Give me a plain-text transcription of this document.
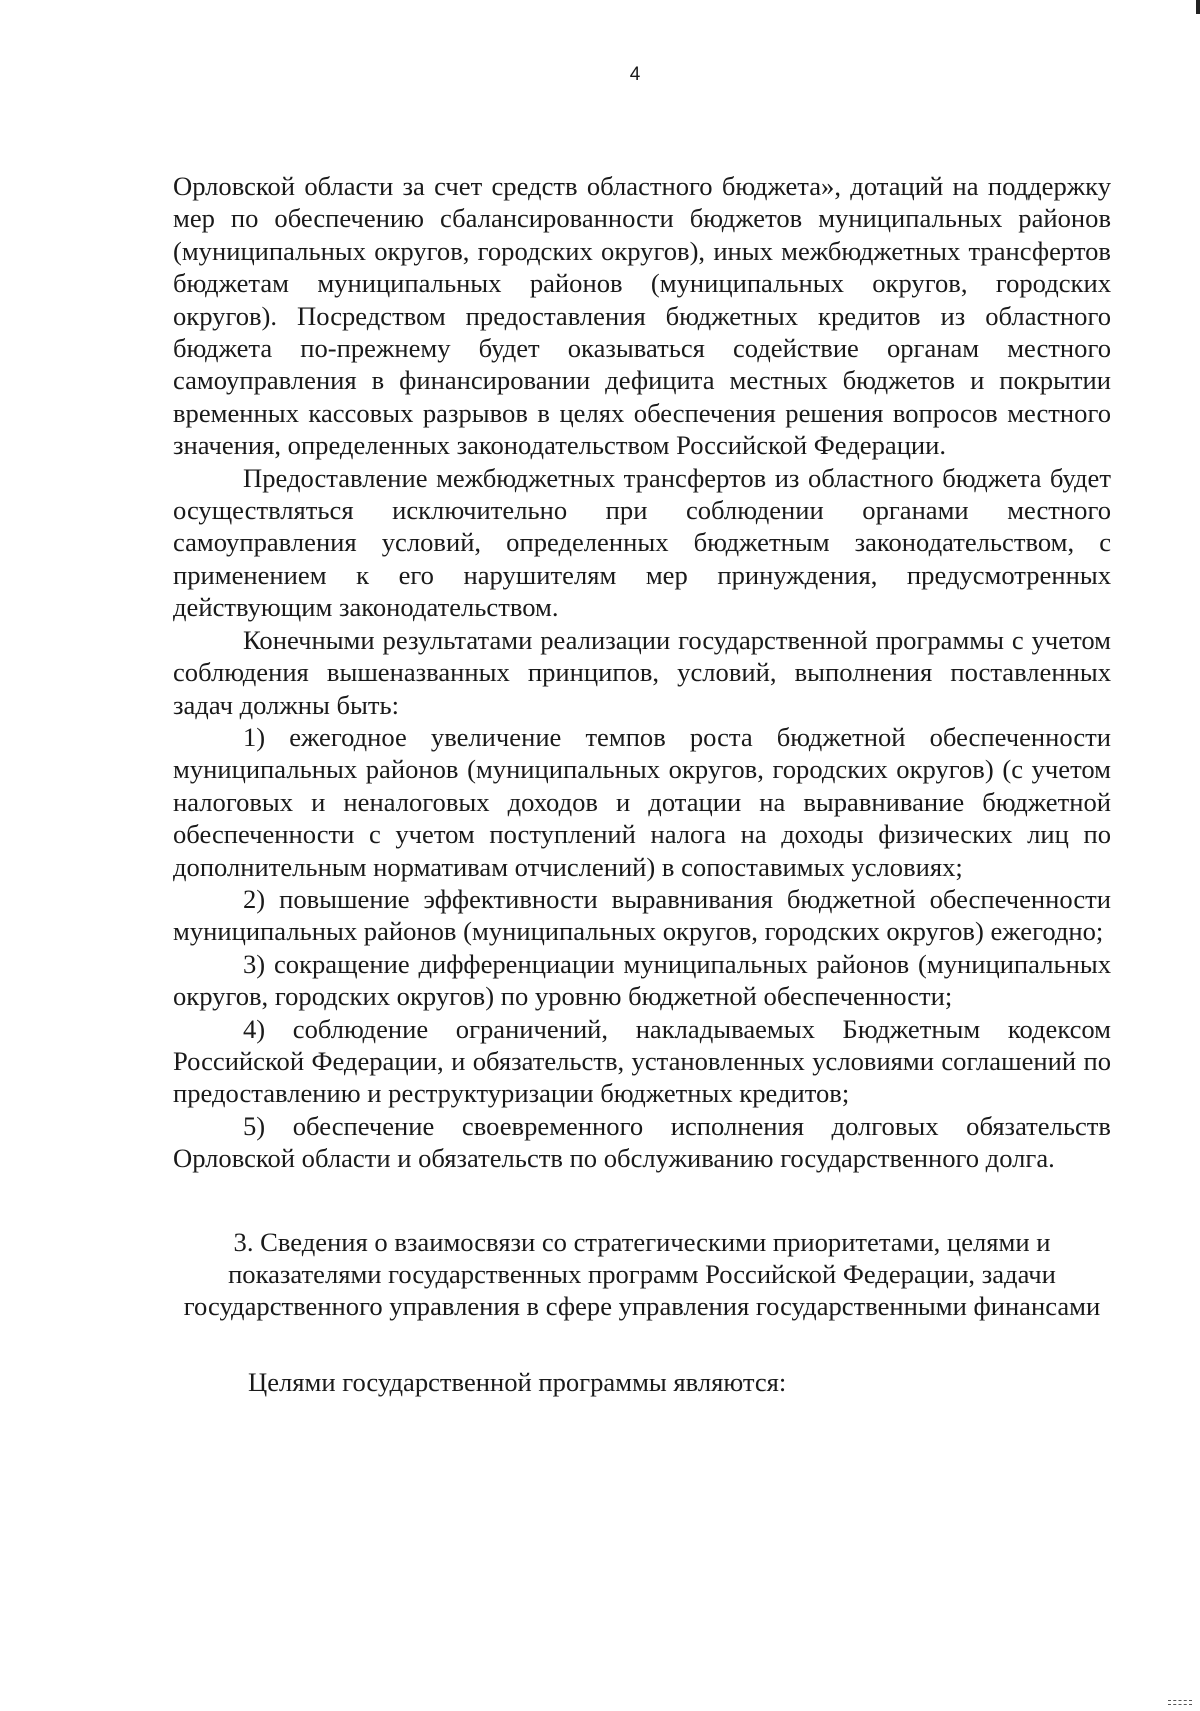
4

Орловской области за счет средств областного бюджета», дотаций на поддержку мер по обеспечению сбалансированности бюджетов муниципальных районов (муниципальных округов, городских округов), иных межбюджетных трансфертов бюджетам муниципальных районов (муниципальных округов, городских округов). Посредством предоставления бюджетных кредитов из областного бюджета по-прежнему будет оказываться содействие органам местного самоуправления в финансировании дефицита местных бюджетов и покрытии временных кассовых разрывов в целях обеспечения решения вопросов местного значения, определенных законодательством Российской Федерации.

Предоставление межбюджетных трансфертов из областного бюджета будет осуществляться исключительно при соблюдении органами местного самоуправления условий, определенных бюджетным законодательством, с применением к его нарушителям мер принуждения, предусмотренных действующим законодательством.

Конечными результатами реализации государственной программы с учетом соблюдения вышеназванных принципов, условий, выполнения поставленных задач должны быть:

1) ежегодное увеличение темпов роста бюджетной обеспеченности муниципальных районов (муниципальных округов, городских округов) (с учетом налоговых и неналоговых доходов и дотации на выравнивание бюджетной обеспеченности с учетом поступлений налога на доходы физических лиц по дополнительным нормативам отчислений) в сопоставимых условиях;

2) повышение эффективности выравнивания бюджетной обеспеченности муниципальных районов (муниципальных округов, городских округов) ежегодно;

3) сокращение дифференциации муниципальных районов (муниципальных округов, городских округов) по уровню бюджетной обеспеченности;

4) соблюдение ограничений, накладываемых Бюджетным кодексом Российской Федерации, и обязательств, установленных условиями соглашений по предоставлению и реструктуризации бюджетных кредитов;

5) обеспечение своевременного исполнения долговых обязательств Орловской области и обязательств по обслуживанию государственного долга.

3. Сведения о взаимосвязи со стратегическими приоритетами, целями и показателями государственных программ Российской Федерации, задачи государственного управления в сфере управления государственными финансами

Целями государственной программы являются:
